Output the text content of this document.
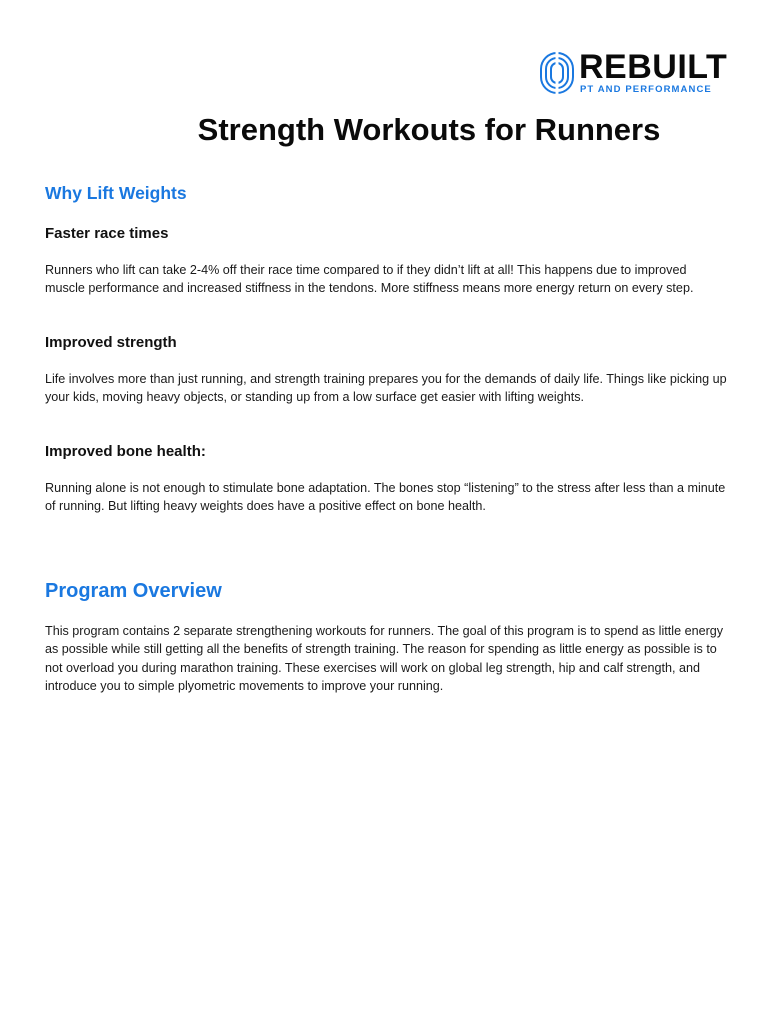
REBUILT
PT AND PERFORMANCE
Strength Workouts for Runners
Why Lift Weights
Faster race times

Runners who lift can take 2-4% off their race time compared to if they didn’t lift at all! This happens due to improved muscle performance and increased stiffness in the tendons. More stiffness means more energy return on every step.

Improved strength

Life involves more than just running, and strength training prepares you for the demands of daily life. Things like picking up your kids, moving heavy objects, or standing up from a low surface get easier with lifting weights.

Improved bone health:

Running alone is not enough to stimulate bone adaptation. The bones stop “listening” to the stress after less than a minute of running. But lifting heavy weights does have a positive effect on bone health.

Program Overview

This program contains 2 separate strengthening workouts for runners. The goal of this program is to spend as little energy as possible while still getting all the benefits of strength training. The reason for spending as little energy as possible is to not overload you during marathon training. These exercises will work on global leg strength, hip and calf strength, and introduce you to simple plyometric movements to improve your running.
